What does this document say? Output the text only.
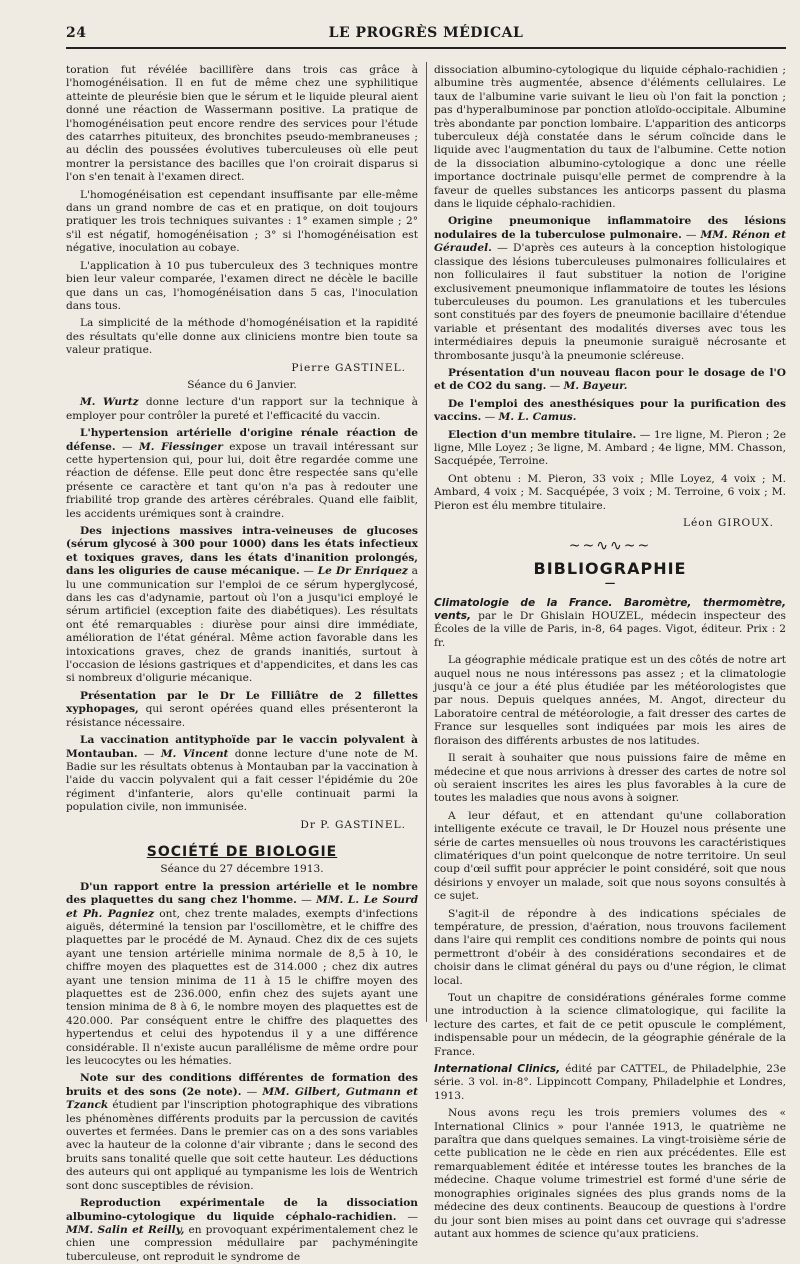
24	LE PROGRÈS MÉDICAL

toration fut révélée bacillifère dans trois cas grâce à l'homogénéisation. Il en fut de même chez une syphilitique atteinte de pleurésie bien que le sérum et le liquide pleural aient donné une réaction de Wassermann positive. La pratique de l'homogénéisation peut encore rendre des services pour l'étude des catarrhes pituiteux, des bronchites pseudo-membraneuses ; au déclin des poussées évolutives tuberculeuses où elle peut montrer la persistance des bacilles que l'on croirait disparus si l'on s'en tenait à l'examen direct.

L'homogénéisation est cependant insuffisante par elle-même dans un grand nombre de cas et en pratique, on doit toujours pratiquer les trois techniques suivantes : 1° examen simple ; 2° s'il est négatif, homogénéisation ; 3° si l'homogénéisation est négative, inoculation au cobaye.

L'application à 10 pus tuberculeux des 3 techniques montre bien leur valeur comparée, l'examen direct ne décèle le bacille que dans un cas, l'homogénéisation dans 5 cas, l'inoculation dans tous.

La simplicité de la méthode d'homogénéisation et la rapidité des résultats qu'elle donne aux cliniciens montre bien toute sa valeur pratique.

Pierre GASTINEL.

Séance du 6 Janvier.

M. Wurtz donne lecture d'un rapport sur la technique à employer pour contrôler la pureté et l'efficacité du vaccin.

L'hypertension artérielle d'origine rénale réaction de défense. — M. Fiessinger expose un travail intéressant sur cette hypertension qui, pour lui, doit être regardée comme une réaction de défense. Elle peut donc être respectée sans qu'elle présente ce caractère et tant qu'on n'a pas à redouter une friabilité trop grande des artères cérébrales. Quand elle faiblit, les accidents urémiques sont à craindre.

Des injections massives intra-veineuses de glucoses (sérum glycosé à 300 pour 1000) dans les états infectieux et toxiques graves, dans les états d'inanition prolongés, dans les oliguries de cause mécanique. — Le Dr Enriquez a lu une communication sur l'emploi de ce sérum hyperglycosé, dans les cas d'adynamie, partout où l'on a jusqu'ici employé le sérum artificiel (exception faite des diabétiques). Les résultats ont été remarquables : diurèse pour ainsi dire immédiate, amélioration de l'état général. Même action favorable dans les intoxications graves, chez de grands inanitiés, surtout à l'occasion de lésions gastriques et d'appendicites, et dans les cas si nombreux d'oligurie mécanique.

Présentation par le Dr Le Filliâtre de 2 fillettes xyphopages, qui seront opérées quand elles présenteront la résistance nécessaire.

La vaccination antityphoïde par le vaccin polyvalent à Montauban. — M. Vincent donne lecture d'une note de M. Badie sur les résultats obtenus à Montauban par la vaccination à l'aide du vaccin polyvalent qui a fait cesser l'épidémie du 20e régiment d'infanterie, alors qu'elle continuait parmi la population civile, non immunisée.

Dr P. GASTINEL.

SOCIÉTÉ DE BIOLOGIE

Séance du 27 décembre 1913.

D'un rapport entre la pression artérielle et le nombre des plaquettes du sang chez l'homme. — MM. L. Le Sourd et Ph. Pagniez ont, chez trente malades, exempts d'infections aiguës, déterminé la tension par l'oscillomètre, et le chiffre des plaquettes par le procédé de M. Aynaud. Chez dix de ces sujets ayant une tension artérielle minima normale de 8,5 à 10, le chiffre moyen des plaquettes est de 314.000 ; chez dix autres ayant une tension minima de 11 à 15 le chiffre moyen des plaquettes est de 236.000, enfin chez des sujets ayant une tension minima de 8 à 6, le nombre moyen des plaquettes est de 420.000. Par conséquent entre le chiffre des plaquettes des hypertendus et celui des hypotendus il y a une différence considérable. Il n'existe aucun parallélisme de même ordre pour les leucocytes ou les hématies.

Note sur des conditions différentes de formation des bruits et des sons (2e note). — MM. Gilbert, Gutmann et Tzanck étudient par l'inscription photographique des vibrations les phénomènes différents produits par la percussion de cavités ouvertes et fermées. Dans le premier cas on a des sons variables avec la hauteur de la colonne d'air vibrante ; dans le second des bruits sans tonalité quelle que soit cette hauteur. Les déductions des auteurs qui ont appliqué au tympanisme les lois de Wentrich sont donc susceptibles de révision.

Reproduction expérimentale de la dissociation albumino-cytologique du liquide céphalo-rachidien. — MM. Salin et Reilly, en provoquant expérimentalement chez le chien une compression médullaire par pachyméningite tuberculeuse, ont reproduit le syndrome de

dissociation albumino-cytologique du liquide céphalo-rachidien ; albumine très augmentée, absence d'éléments cellulaires. Le taux de l'albumine varie suivant le lieu où l'on fait la ponction ; pas d'hyperalbuminose par ponction atloïdo-occipitale. Albumine très abondante par ponction lombaire. L'apparition des anticorps tuberculeux déjà constatée dans le sérum coïncide dans le liquide avec l'augmentation du taux de l'albumine. Cette notion de la dissociation albumino-cytologique a donc une réelle importance doctrinale puisqu'elle permet de comprendre à la faveur de quelles substances les anticorps passent du plasma dans le liquide céphalo-rachidien.

Origine pneumonique inflammatoire des lésions nodulaires de la tuberculose pulmonaire. — MM. Rénon et Géraudel. — D'après ces auteurs à la conception histologique classique des lésions tuberculeuses pulmonaires folliculaires et non folliculaires il faut substituer la notion de l'origine exclusivement pneumonique inflammatoire de toutes les lésions tuberculeuses du poumon. Les granulations et les tubercules sont constitués par des foyers de pneumonie bacillaire d'étendue variable et présentant des modalités diverses avec tous les intermédiaires depuis la pneumonie suraiguë nécrosante et thrombosante jusqu'à la pneumonie scléreuse.

Présentation d'un nouveau flacon pour le dosage de l'O et de CO2 du sang. — M. Bayeur.

De l'emploi des anesthésiques pour la purification des vaccins. — M. L. Camus.

Election d'un membre titulaire. — 1re ligne, M. Pieron ; 2e ligne, Mlle Loyez ; 3e ligne, M. Ambard ; 4e ligne, MM. Chasson, Sacquépée, Terroine.

Ont obtenu : M. Pieron, 33 voix ; Mlle Loyez, 4 voix ; M. Ambard, 4 voix ; M. Sacquépée, 3 voix ; M. Terroine, 6 voix ; M. Pieron est élu membre titulaire.

Léon GIROUX.

~~∿∿~~
BIBLIOGRAPHIE
—

Climatologie de la France. Baromètre, thermomètre, vents, par le Dr Ghislain HOUZEL, médecin inspecteur des Écoles de la ville de Paris, in-8, 64 pages. Vigot, éditeur. Prix : 2 fr.

La géographie médicale pratique est un des côtés de notre art auquel nous ne nous intéressons pas assez ; et la climatologie jusqu'à ce jour a été plus étudiée par les météorologistes que par nous. Depuis quelques années, M. Angot, directeur du Laboratoire central de météorologie, a fait dresser des cartes de France sur lesquelles sont indiquées par mois les aires de floraison des différents arbustes de nos latitudes.

Il serait à souhaiter que nous puissions faire de même en médecine et que nous arrivions à dresser des cartes de notre sol où seraient inscrites les aires les plus favorables à la cure de toutes les maladies que nous avons à soigner.

A leur défaut, et en attendant qu'une collaboration intelligente exécute ce travail, le Dr Houzel nous présente une série de cartes mensuelles où nous trouvons les caractéristiques climatériques d'un point quelconque de notre territoire. Un seul coup d'œil suffit pour apprécier le point considéré, soit que nous désirions y envoyer un malade, soit que nous soyons consultés à ce sujet.

S'agit-il de répondre à des indications spéciales de température, de pression, d'aération, nous trouvons facilement dans l'aire qui remplit ces conditions nombre de points qui nous permettront d'obéir à des considérations secondaires et de choisir dans le climat général du pays ou d'une région, le climat local.

Tout un chapitre de considérations générales forme comme une introduction à la science climatologique, qui facilite la lecture des cartes, et fait de ce petit opuscule le complément, indispensable pour un médecin, de la géographie générale de la France.

International Clinics, édité par CATTEL, de Philadelphie, 23e série. 3 vol. in-8°. Lippincott Company, Philadelphie et Londres, 1913.

Nous avons reçu les trois premiers volumes des « International Clinics » pour l'année 1913, le quatrième ne paraîtra que dans quelques semaines. La vingt-troisième série de cette publication ne le cède en rien aux précédentes. Elle est remarquablement éditée et intéresse toutes les branches de la médecine. Chaque volume trimestriel est formé d'une série de monographies originales signées des plus grands noms de la médecine des deux continents. Beaucoup de questions à l'ordre du jour sont bien mises au point dans cet ouvrage qui s'adresse autant aux hommes de science qu'aux praticiens.
